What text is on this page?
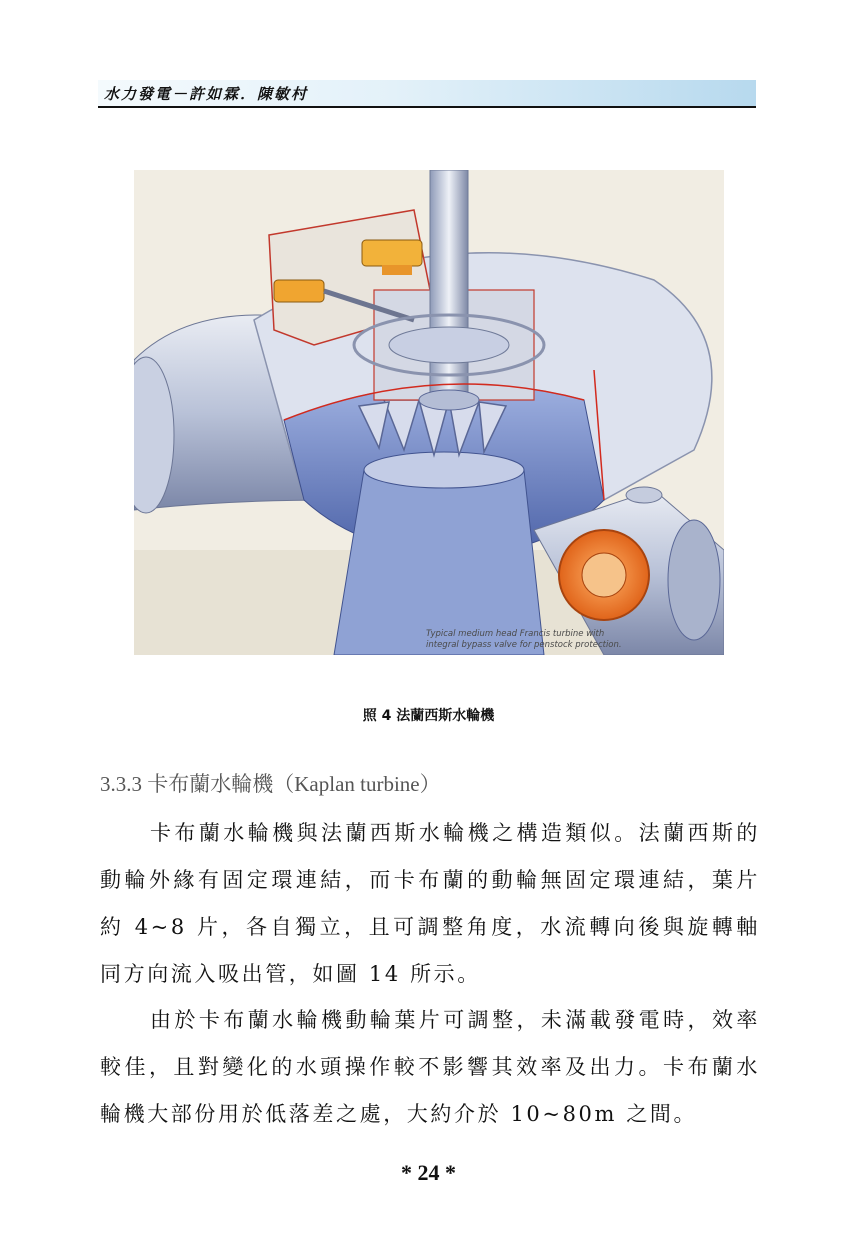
水力發電－許如霖．陳敏村
Typical medium head Francis turbine with
integral bypass valve for penstock protection.
照 4 法蘭西斯水輪機
3.3.3 卡布蘭水輪機（Kaplan turbine）

卡布蘭水輪機與法蘭西斯水輪機之構造類似。法蘭西斯的動輪外緣有固定環連結，而卡布蘭的動輪無固定環連結，葉片約 4~8 片，各自獨立，且可調整角度，水流轉向後與旋轉軸同方向流入吸出管，如圖 14 所示。

由於卡布蘭水輪機動輪葉片可調整，未滿載發電時，效率較佳，且對變化的水頭操作較不影響其效率及出力。卡布蘭水輪機大部份用於低落差之處，大約介於 10~80m 之間。

* 24 *
